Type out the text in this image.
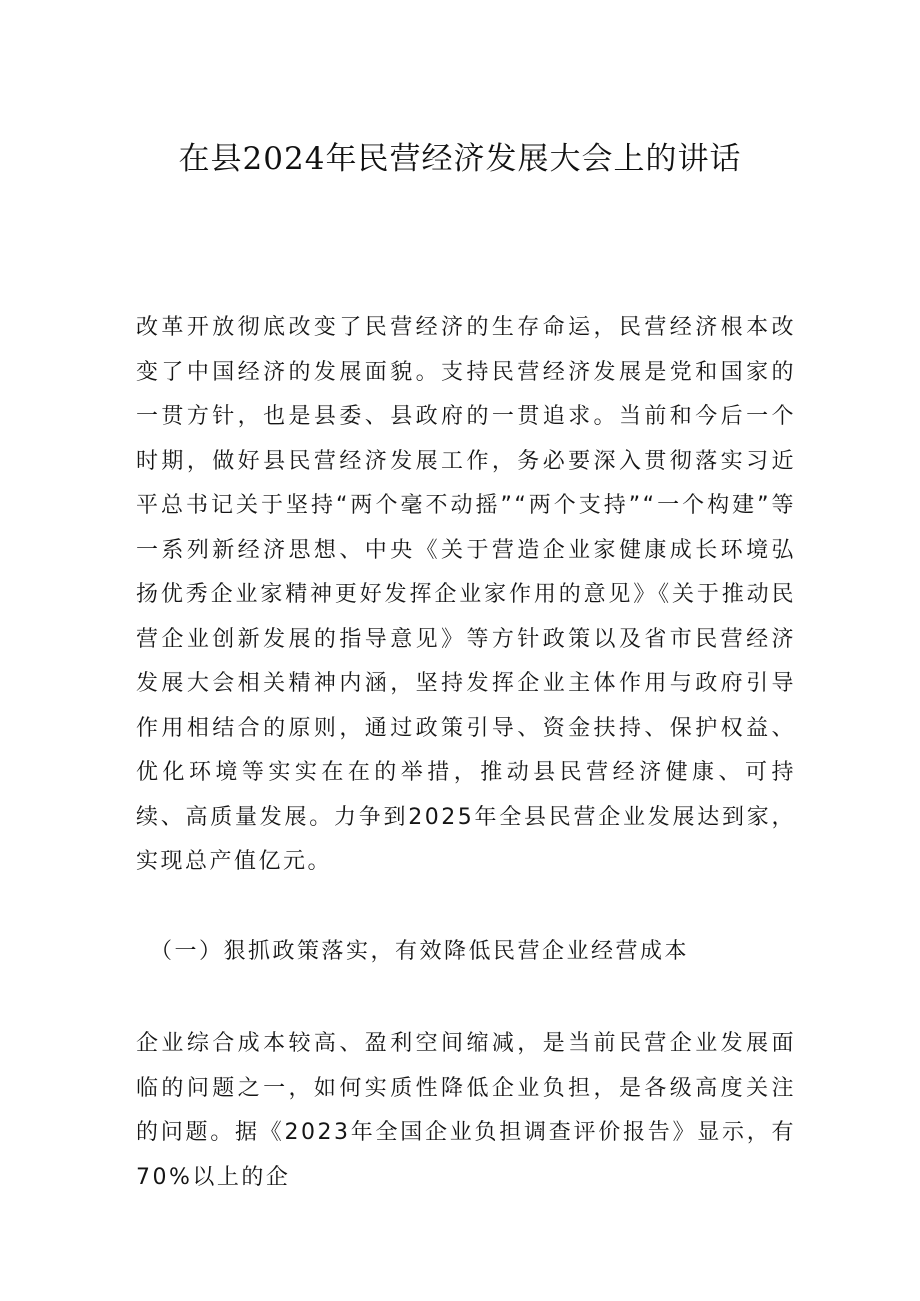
在县2024年民营经济发展大会上的讲话
改革开放彻底改变了民营经济的生存命运，民营经济根本改变了中国经济的发展面貌。支持民营经济发展是党和国家的一贯方针，也是县委、县政府的一贯追求。当前和今后一个时期，做好县民营经济发展工作，务必要深入贯彻落实习近平总书记关于坚持“两个毫不动摇”“两个支持”“一个构建”等一系列新经济思想、中央《关于营造企业家健康成长环境弘扬优秀企业家精神更好发挥企业家作用的意见》《关于推动民营企业创新发展的指导意见》等方针政策以及省市民营经济发展大会相关精神内涵，坚持发挥企业主体作用与政府引导作用相结合的原则，通过政策引导、资金扶持、保护权益、优化环境等实实在在的举措，推动县民营经济健康、可持续、高质量发展。力争到2025年全县民营企业发展达到家，实现总产值亿元。
（一）狠抓政策落实，有效降低民营企业经营成本
企业综合成本较高、盈利空间缩减，是当前民营企业发展面临的问题之一，如何实质性降低企业负担，是各级高度关注的问题。据《2023年全国企业负担调查评价报告》显示，有70%以上的企
